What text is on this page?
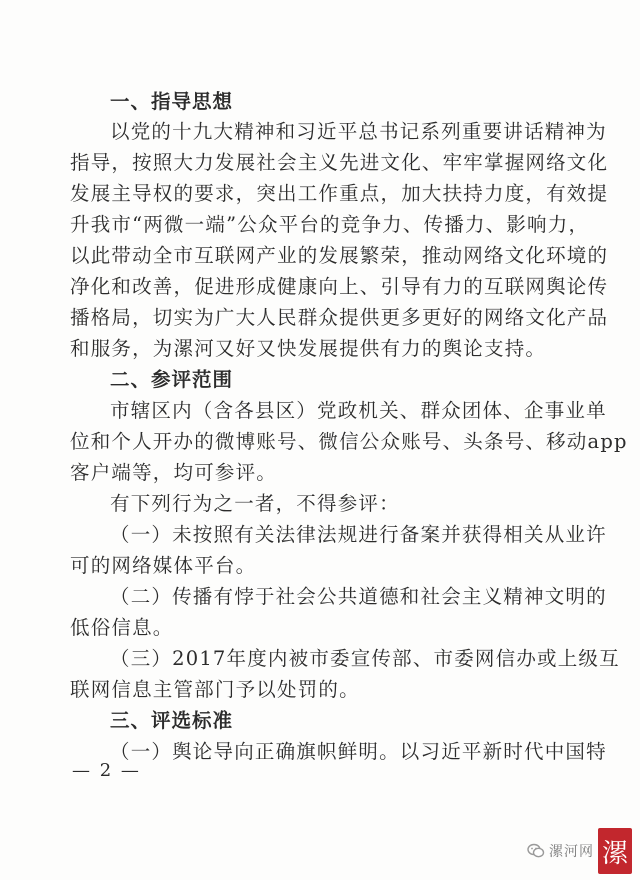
一、指导思想
以党的十九大精神和习近平总书记系列重要讲话精神为
指导，按照大力发展社会主义先进文化、牢牢掌握网络文化
发展主导权的要求，突出工作重点，加大扶持力度，有效提
升我市“两微一端”公众平台的竞争力、传播力、影响力，
以此带动全市互联网产业的发展繁荣，推动网络文化环境的
净化和改善，促进形成健康向上、引导有力的互联网舆论传
播格局，切实为广大人民群众提供更多更好的网络文化产品
和服务，为漯河又好又快发展提供有力的舆论支持。
二、参评范围
市辖区内（含各县区）党政机关、群众团体、企事业单
位和个人开办的微博账号、微信公众账号、头条号、移动app
客户端等，均可参评。
有下列行为之一者，不得参评：
（一）未按照有关法律法规进行备案并获得相关从业许
可的网络媒体平台。
（二）传播有悖于社会公共道德和社会主义精神文明的
低俗信息。
（三）2017年度内被市委宣传部、市委网信办或上级互
联网信息主管部门予以处罚的。
三、评选标准
（一）舆论导向正确旗帜鲜明。以习近平新时代中国特
— 2 —
漯河网 漯
